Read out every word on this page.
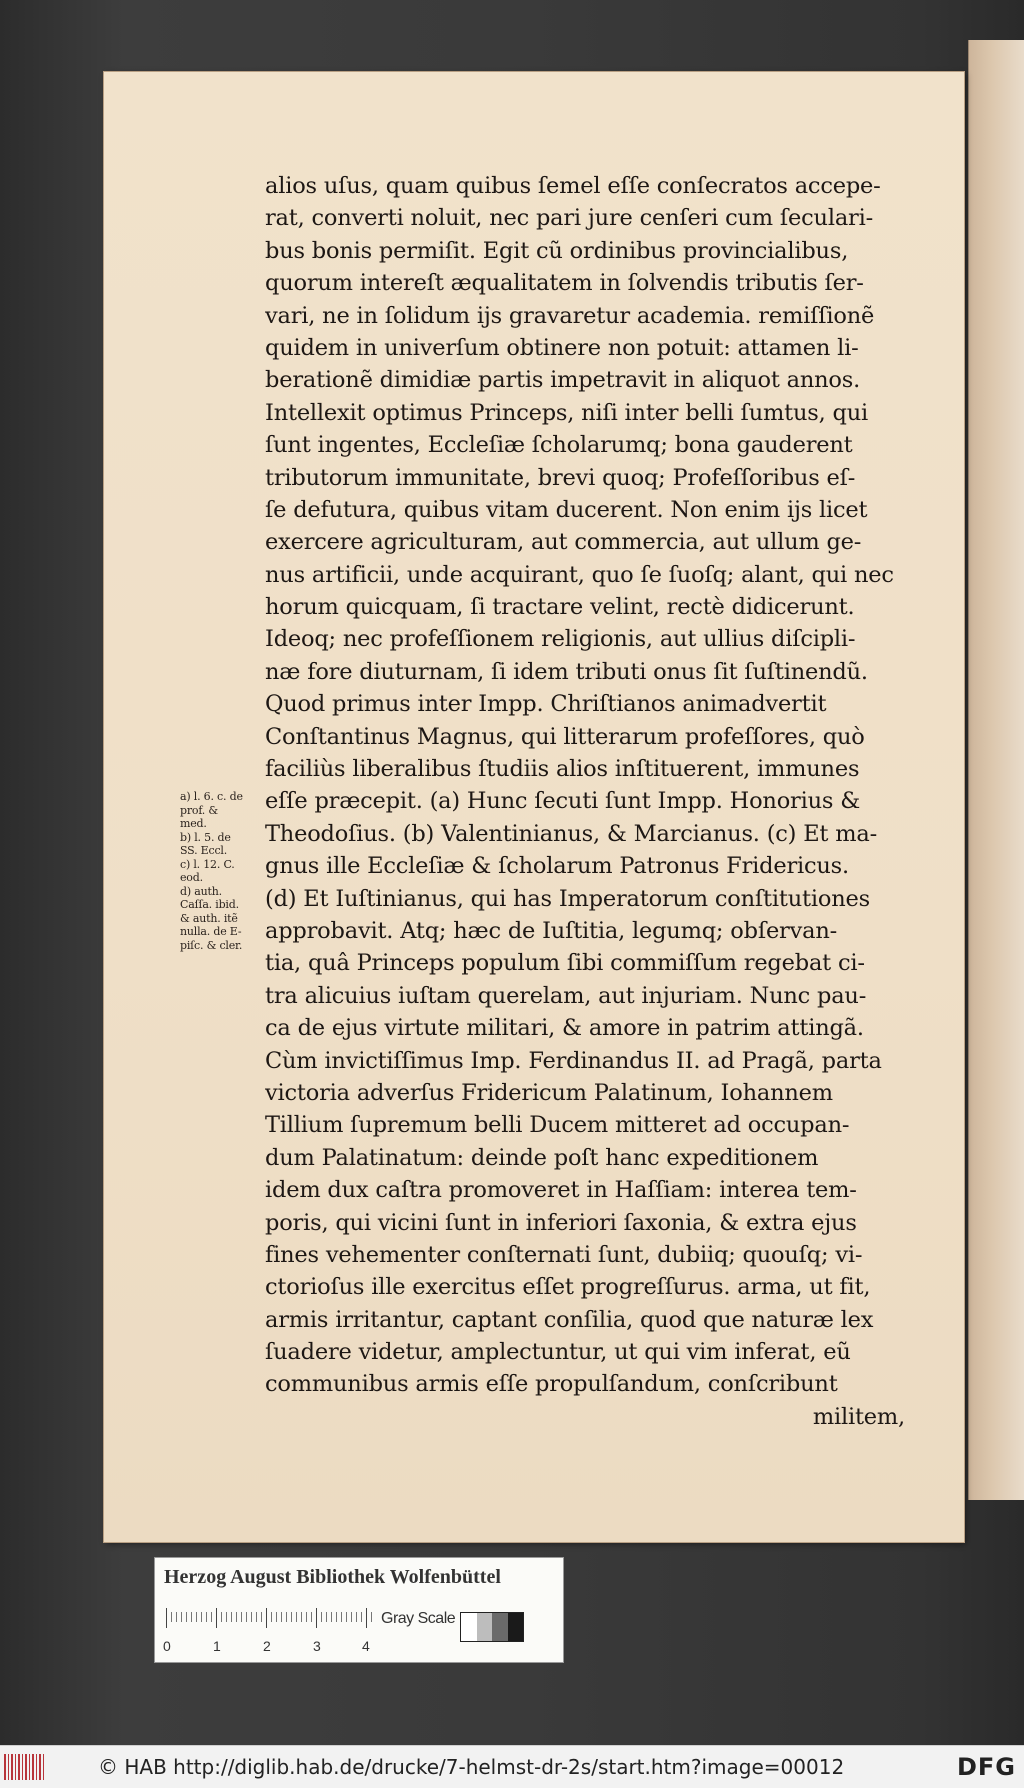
a) l. 6. c. de
prof. &
med.
b) l. 5. de
SS. Eccl.
c) l. 12. C.
eod.
d) auth.
Caſſa. ibid.
& auth. itẽ
nulla. de E-
piſc. & cler.
alios uſus, quam quibus ſemel eſſe conſecratos accepe-
rat, converti noluit, nec pari jure cenſeri cum ſeculari-
bus bonis permiſit. Egit cũ ordinibus provincialibus,
quorum intereſt æqualitatem in ſolvendis tributis ſer-
vari, ne in ſolidum ijs gravaretur academia. remiſſionẽ
quidem in univerſum obtinere non potuit: attamen li-
berationẽ dimidiæ partis impetravit in aliquot annos.
Intellexit optimus Princeps, niſi inter belli ſumtus, qui
ſunt ingentes, Eccleſiæ ſcholarumq; bona gauderent
tributorum immunitate, brevi quoq; Profeſſoribus eſ-
ſe defutura, quibus vitam ducerent. Non enim ijs licet
exercere agriculturam, aut commercia, aut ullum ge-
nus artificii, unde acquirant, quo ſe ſuoſq; alant, qui nec
horum quicquam, ſi tractare velint, rectè didicerunt.
Ideoq; nec profeſſionem religionis, aut ullius diſcipli-
næ fore diuturnam, ſi idem tributi onus ſit ſuſtinendũ.
Quod primus inter Impp. Chriſtianos animadvertit
Conſtantinus Magnus, qui litterarum profeſſores, quò
faciliùs liberalibus ſtudiis alios inſtituerent, immunes
eſſe præcepit. (a) Hunc ſecuti ſunt Impp. Honorius &
Theodoſius. (b) Valentinianus, & Marcianus. (c) Et ma-
gnus ille Eccleſiæ & ſcholarum Patronus Fridericus.
(d) Et Iuſtinianus, qui has Imperatorum conſtitutiones
approbavit. Atq; hæc de Iuſtitia, legumq; obſervan-
tia, quâ Princeps populum ſibi commiſſum regebat ci-
tra alicuius iuſtam querelam, aut injuriam. Nunc pau-
ca de ejus virtute militari, & amore in patrim attingã.
Cùm invictiſſimus Imp. Ferdinandus II. ad Pragã, parta
victoria adverſus Fridericum Palatinum, Iohannem
Tillium ſupremum belli Ducem mitteret ad occupan-
dum Palatinatum: deinde poſt hanc expeditionem
idem dux caſtra promoveret in Haſſiam: interea tem-
poris, qui vicini ſunt in inferiori ſaxonia, & extra ejus
fines vehementer conſternati ſunt, dubiiq; quouſq; vi-
ctorioſus ille exercitus eſſet progreſſurus. arma, ut fit,
armis irritantur, captant conſilia, quod que naturæ lex
ſuadere videtur, amplectuntur, ut qui vim inferat, eũ
communibus armis eſſe propulſandum, conſcribunt
militem,
Herzog August Bibliothek Wolfenbüttel
0	1	2	3	4
Gray Scale
© HAB http://diglib.hab.de/drucke/7-helmst-dr-2s/start.htm?image=00012	DFG
